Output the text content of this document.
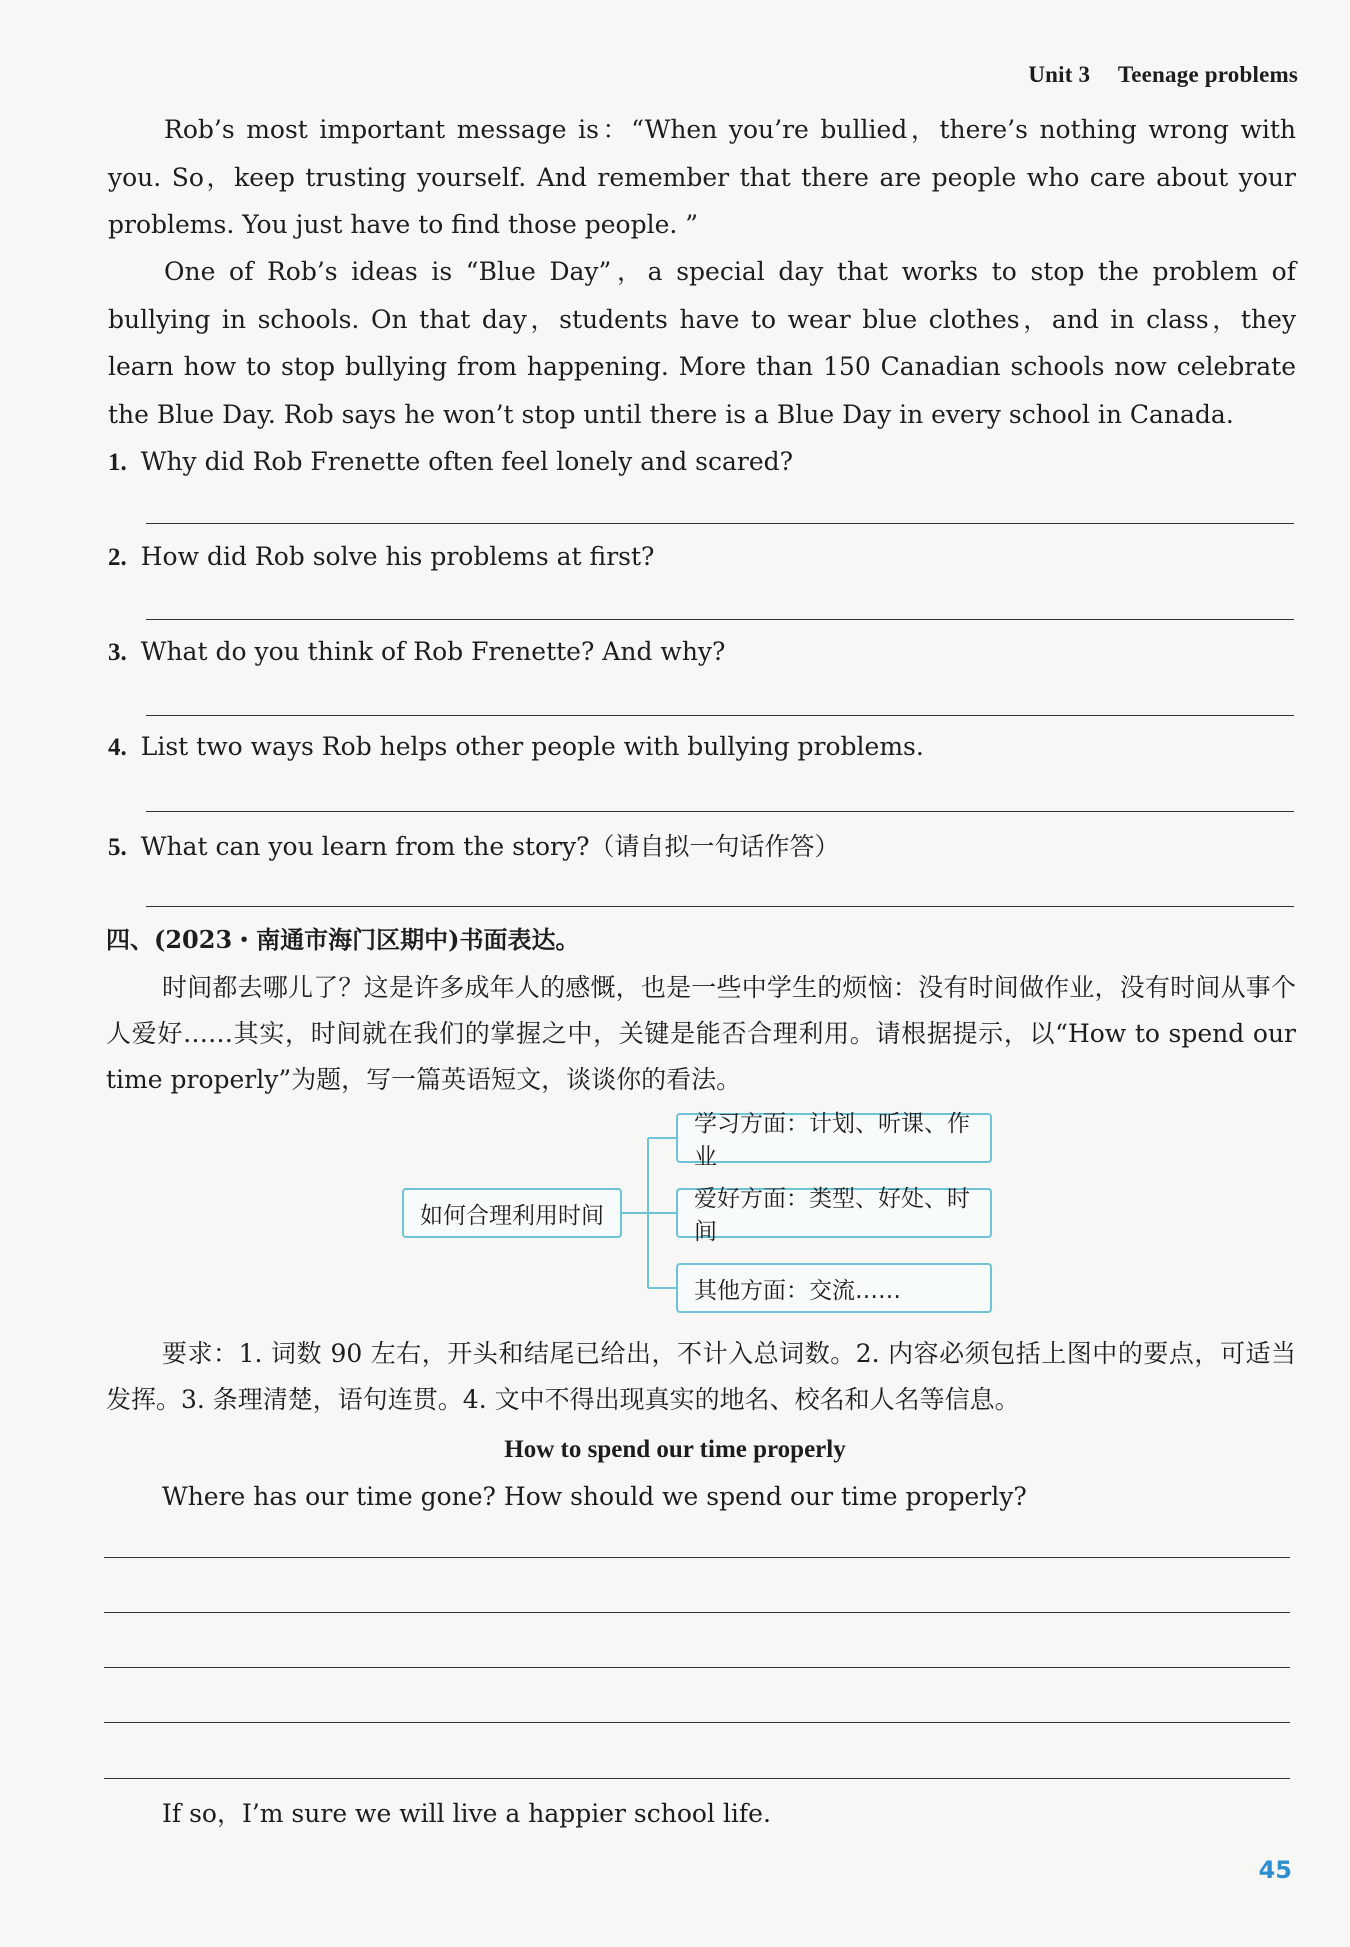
Unit 3 Teenage problems
Rob’s most important message is：“When you’re bullied，there’s nothing wrong with you. So，keep trusting yourself. And remember that there are people who care about your problems. You just have to find those people. ”
One of Rob’s ideas is “Blue Day”，a special day that works to stop the problem of bullying in schools. On that day，students have to wear blue clothes，and in class，they learn how to stop bullying from happening. More than 150 Canadian schools now celebrate the Blue Day. Rob says he won’t stop until there is a Blue Day in every school in Canada.
1. Why did Rob Frenette often feel lonely and scared?
2. How did Rob solve his problems at first?
3. What do you think of Rob Frenette? And why?
4. List two ways Rob helps other people with bullying problems.
5. What can you learn from the story?（请自拟一句话作答）
四、(2023・南通市海门区期中)书面表达。
时间都去哪儿了？这是许多成年人的感慨，也是一些中学生的烦恼：没有时间做作业，没有时间从事个人爱好……其实，时间就在我们的掌握之中，关键是能否合理利用。请根据提示，以“How to spend our time properly”为题，写一篇英语短文，谈谈你的看法。
如何合理利用时间
学习方面：计划、听课、作业
爱好方面：类型、好处、时间
其他方面：交流……
要求：1. 词数 90 左右，开头和结尾已给出，不计入总词数。2. 内容必须包括上图中的要点，可适当发挥。3. 条理清楚，语句连贯。4. 文中不得出现真实的地名、校名和人名等信息。
How to spend our time properly
Where has our time gone? How should we spend our time properly?
If so，I’m sure we will live a happier school life.
45
